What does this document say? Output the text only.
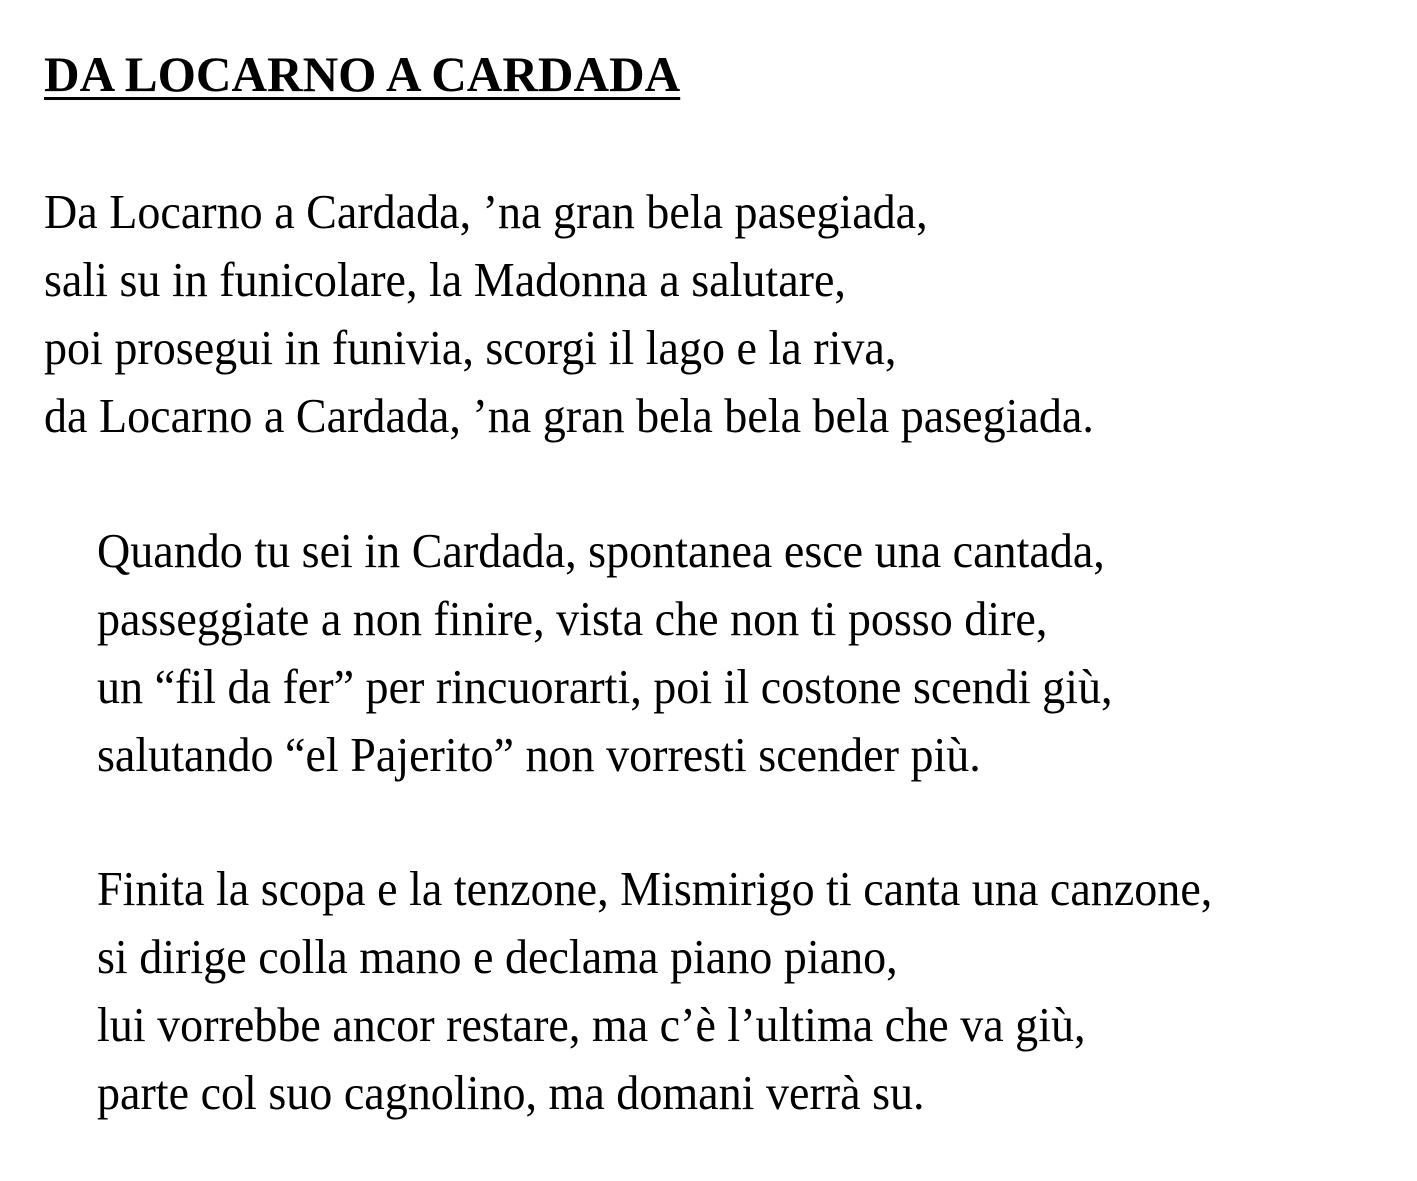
DA LOCARNO A CARDADA
Da Locarno a Cardada, ’na gran bela pasegiada,
sali su in funicolare, la Madonna a salutare,
poi prosegui in funivia, scorgi il lago e la riva,
da Locarno a Cardada, ’na gran bela bela bela pasegiada.
Quando tu sei in Cardada, spontanea esce una cantada,
passeggiate a non finire, vista che non ti posso dire,
un “fil da fer” per rincuorarti, poi il costone scendi giù,
salutando “el Pajerito” non vorresti scender più.
Finita la scopa e la tenzone, Mismirigo ti canta una canzone,
si dirige colla mano e declama piano piano,
lui vorrebbe ancor restare, ma c’è l’ultima che va giù,
parte col suo cagnolino, ma domani verrà su.
